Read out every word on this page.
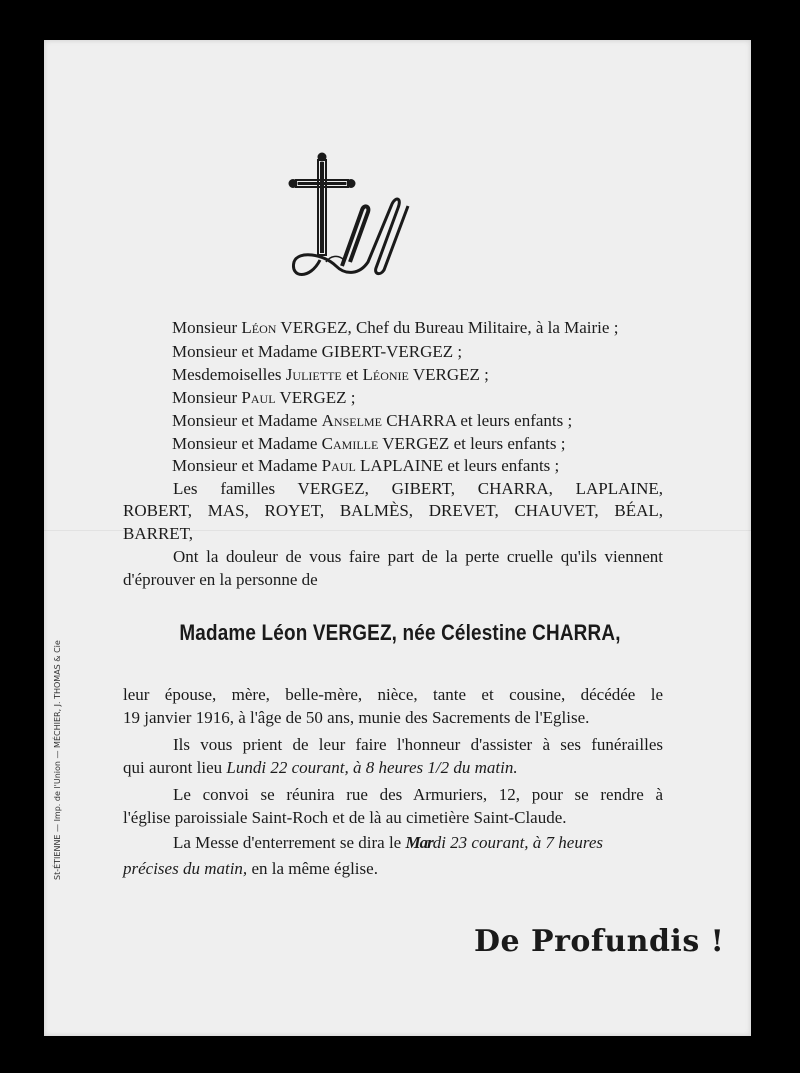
Monsieur Léon VERGEZ, Chef du Bureau Militaire, à la Mairie ;
Monsieur et Madame GIBERT-VERGEZ ;
Mesdemoiselles Juliette et Léonie VERGEZ ;
Monsieur Paul VERGEZ ;
Monsieur et Madame Anselme CHARRA et leurs enfants ;
Monsieur et Madame Camille VERGEZ et leurs enfants ;
Monsieur et Madame Paul LAPLAINE et leurs enfants ;
Les familles VERGEZ, GIBERT, CHARRA, LAPLAINE,
ROBERT, MAS, ROYET, BALMÈS, DREVET, CHAUVET, BÉAL,
BARRET,
Ont la douleur de vous faire part de la perte cruelle qu'ils viennent
d'éprouver en la personne de
Madame Léon VERGEZ, née Célestine CHARRA,
leur épouse, mère, belle-mère, nièce, tante et cousine, décédée le
19 janvier 1916, à l'âge de 50 ans, munie des Sacrements de l'Eglise.
Ils vous prient de leur faire l'honneur d'assister à ses funérailles
qui auront lieu Lundi 22 courant, à 8 heures 1/2 du matin.
Le convoi se réunira rue des Armuriers, 12, pour se rendre à
l'église paroissiale Saint-Roch et de là au cimetière Saint-Claude.
La Messe d'enterrement se dira le Mardi 23 courant, à 7 heures
précises du matin, en la même église.
St-ÉTIENNE — Imp. de l'Union — MÉCHIER, J. THOMAS & Cie
De Profundis !
